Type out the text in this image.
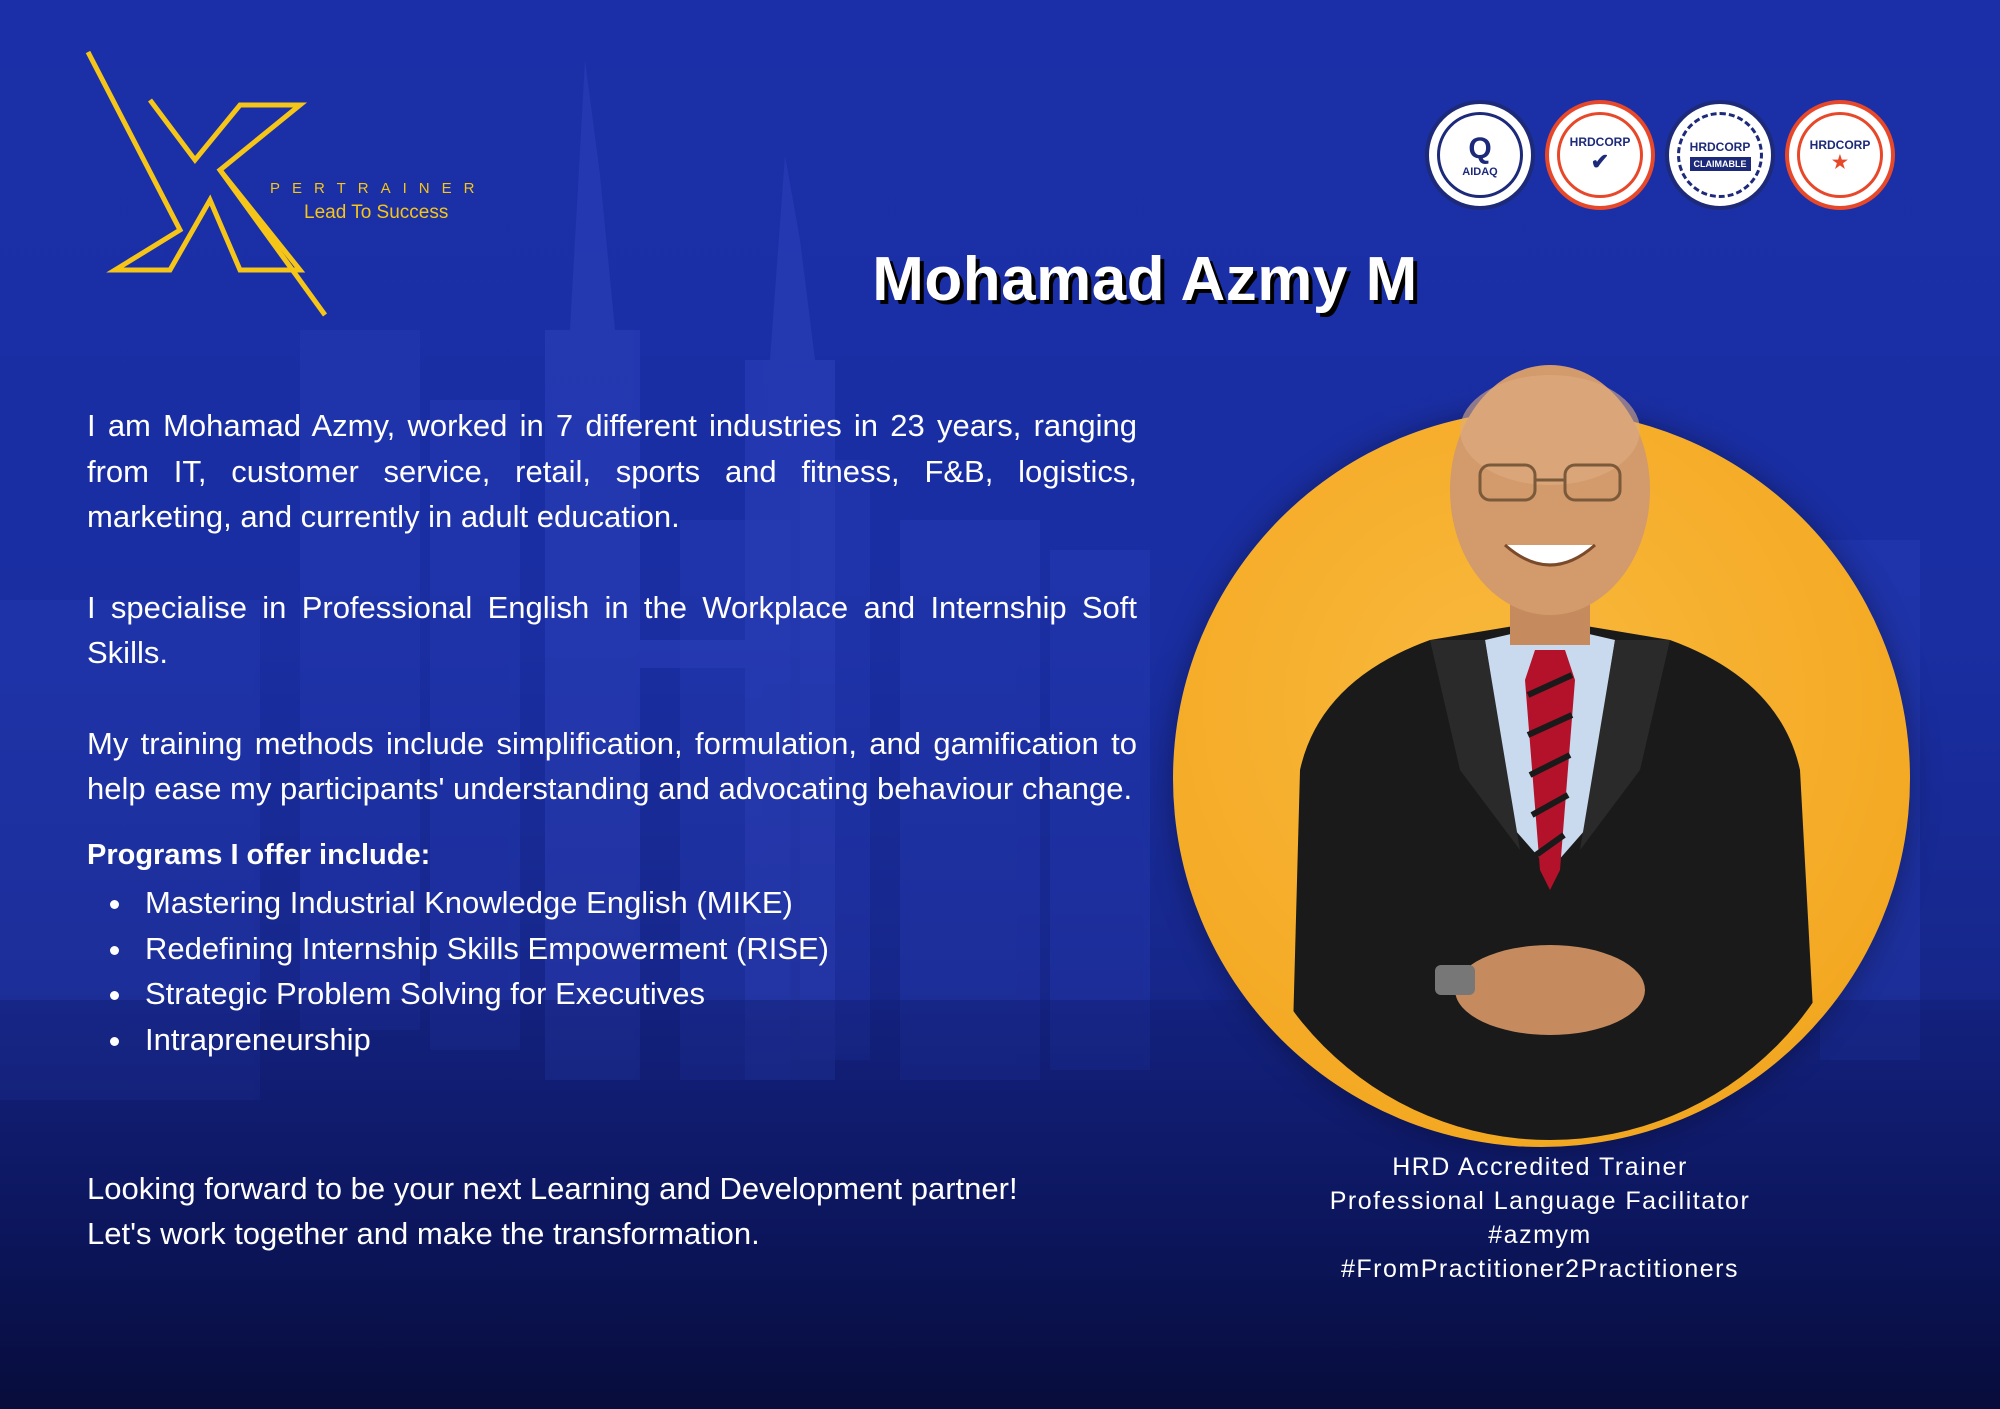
PERTRAINER
Lead To Success
Q
AIDAQ
HRDCORP
✔
HRDCORP
CLAIMABLE
HRDCORP
★
Mohamad Azmy M

I am Mohamad Azmy, worked in 7 different industries in 23 years, ranging from IT, customer service, retail, sports and fitness, F&B, logistics, marketing, and currently in adult education.

I specialise in Professional English in the Workplace and Internship Soft Skills.

My training methods include simplification, formulation, and gamification to help ease my participants' understanding and advocating behaviour change.

Programs I offer include:

Mastering Industrial Knowledge English (MIKE)
Redefining Internship Skills Empowerment (RISE)
Strategic Problem Solving for Executives
Intrapreneurship
Looking forward to be your next Learning and Development partner!
Let's work together and make the transformation.
HRD Accredited Trainer
Professional Language Facilitator
#azmym
#FromPractitioner2Practitioners
